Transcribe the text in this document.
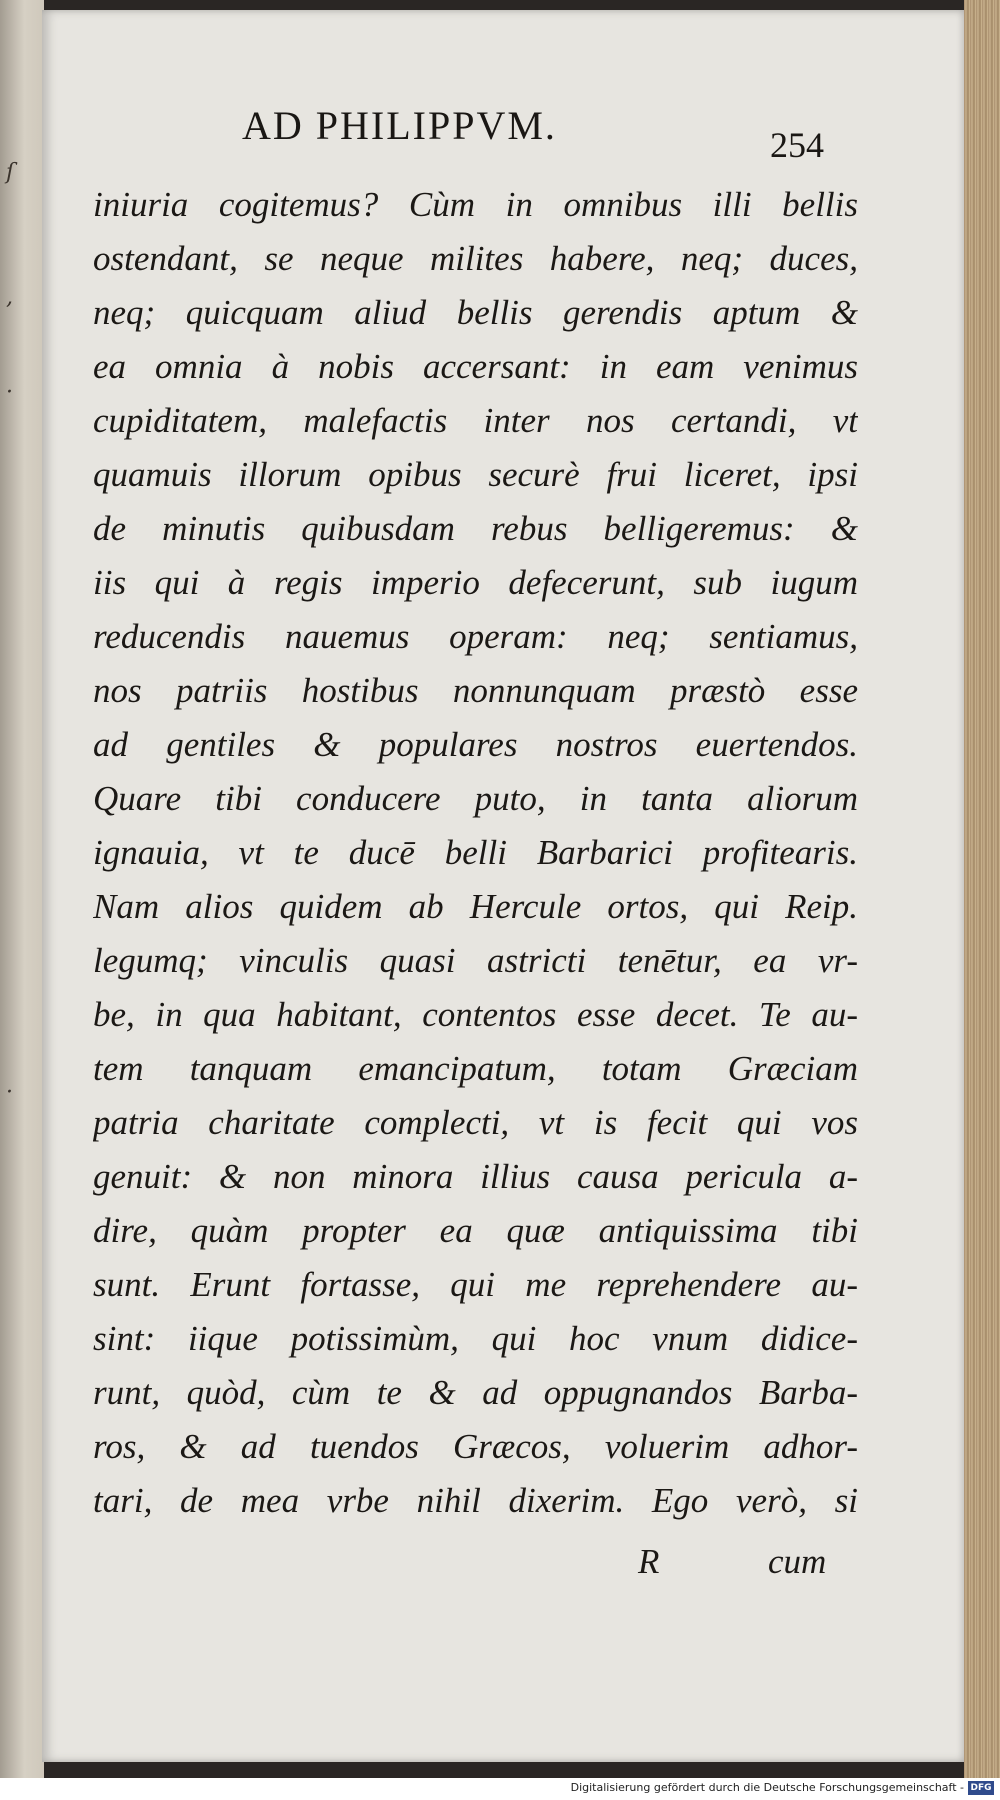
ſ
,
·
·
AD PHILIPPVM.	254
iniuria cogitemus? Cùm in omnibus illi bellis
ostendant, se neque milites habere, neq; duces,
neq; quicquam aliud bellis gerendis aptum &
ea omnia à nobis accersant: in eam venimus
cupiditatem, malefactis inter nos certandi, vt
quamuis illorum opibus securè frui liceret, ipsi
de minutis quibusdam rebus belligeremus: &
iis qui à regis imperio defecerunt, sub iugum
reducendis nauemus operam: neq; sentiamus,
nos patriis hostibus nonnunquam præstò esse
ad gentiles & populares nostros euertendos.
Quare tibi conducere puto, in tanta aliorum
ignauia, vt te ducē belli Barbarici profitearis.
Nam alios quidem ab Hercule ortos, qui Reip.
legumq; vinculis quasi astricti tenētur, ea vr-
be, in qua habitant, contentos esse decet. Te au-
tem tanquam emancipatum, totam Græciam
patria charitate complecti, vt is fecit qui vos
genuit: & non minora illius causa pericula a-
dire, quàm propter ea quæ antiquissima tibi
sunt. Erunt fortasse, qui me reprehendere au-
sint: iique potissimùm, qui hoc vnum didice-
runt, quòd, cùm te & ad oppugnandos Barba-
ros, & ad tuendos Græcos, voluerim adhor-
tari, de mea vrbe nihil dixerim. Ego verò, si
R	cum
Digitalisierung gefördert durch die Deutsche Forschungsgemeinschaft - DFG
